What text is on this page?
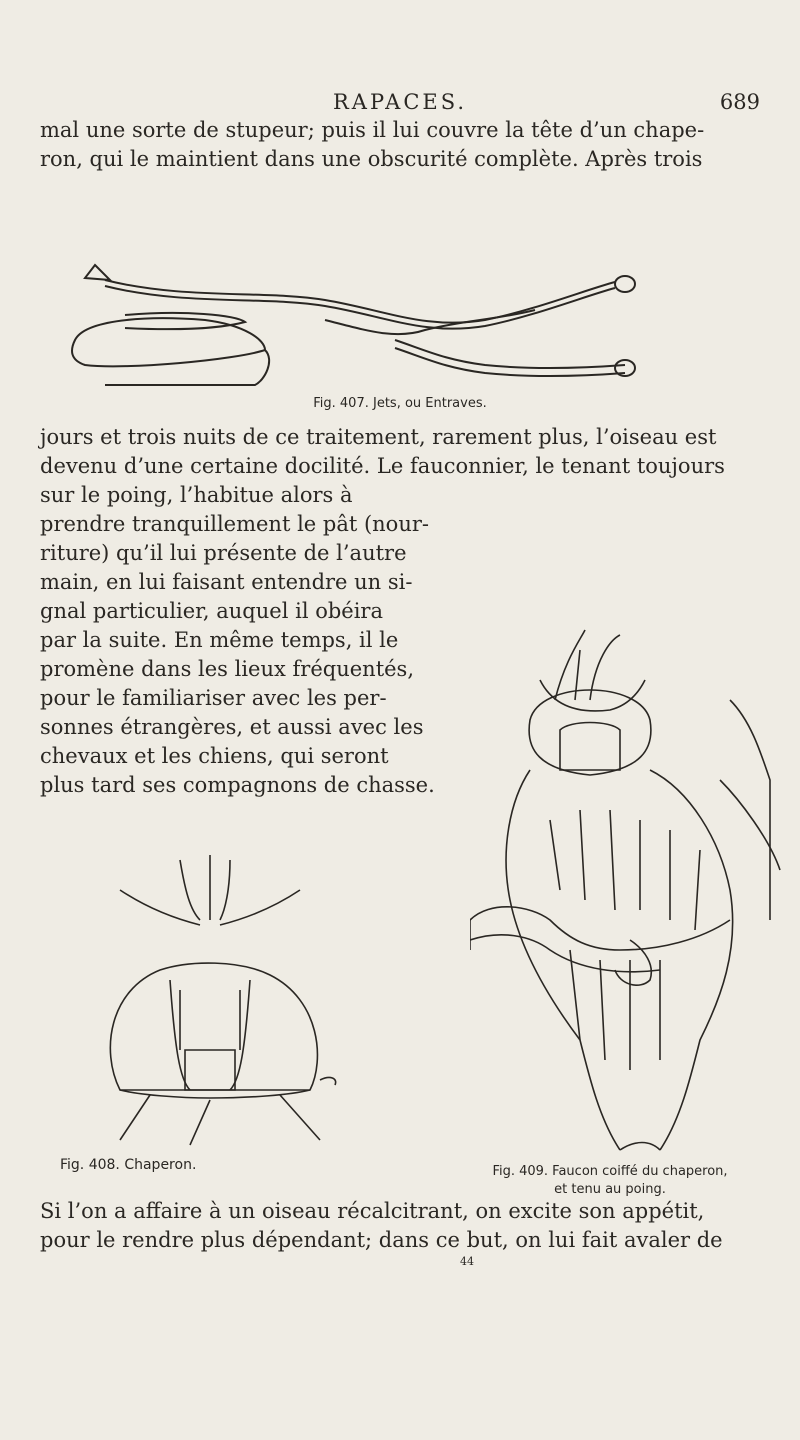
RAPACES.	689

mal une sorte de stupeur; puis il lui couvre la tête d’un chape-
ron, qui le maintient dans une obscurité complète. Après trois

Fig. 407. Jets, ou Entraves.

jours et trois nuits de ce traitement, rarement plus, l’oiseau est
devenu d’une certaine docilité. Le fauconnier, le tenant toujours
sur le poing, l’habitue alors à
prendre tranquillement le pât (nour-
riture) qu’il lui présente de l’autre
main, en lui faisant entendre un si-
gnal particulier, auquel il obéira
par la suite. En même temps, il le
promène dans les lieux fréquentés,
pour le familiariser avec les per-
sonnes étrangères, et aussi avec les
chevaux et les chiens, qui seront
plus tard ses compagnons de chasse.

Fig. 408. Chaperon.	Fig. 409. Faucon coiffé du chaperon,
et tenu au poing.

Si l’on a affaire à un oiseau récalcitrant, on excite son appétit,
pour le rendre plus dépendant; dans ce but, on lui fait avaler de

44
